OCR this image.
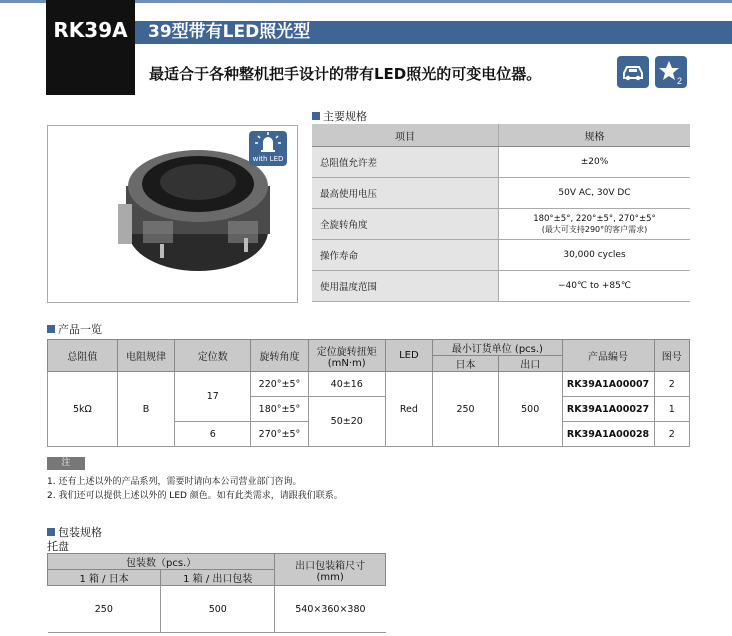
RK39A	39型带有LED照光型
最适合于各种整机把手设计的带有LED照光的可变电位器。	2
with LED
主要规格
项目	规格
总阻值允许差	±20%
最高使用电压	50V AC, 30V DC
全旋转角度	180°±5°, 220°±5°, 270°±5°
(最大可支持290°的客户需求)

操作寿命	30,000 cycles
使用温度范围	−40℃ to +85℃
产品一览
总阻值	电阻规律	定位数	旋转角度	定位旋转扭矩
(mN·m)	LED	最小订货单位 (pcs.)		产品编号	图号
						日本	出口		
5kΩ	B	17	220°±5°	40±16	Red	250	500	RK39A1A00007	2
			180°±5°	50±20				RK39A1A00027	1
		6	270°±5°					RK39A1A00028	2
注
1. 还有上述以外的产品系列，需要时请向本公司营业部门咨询。
2. 我们还可以提供上述以外的 LED 颜色。如有此类需求，请跟我们联系。
包装规格
托盘
包装数（pcs.）		出口包装箱尺寸
(mm)

1 箱 / 日本	1 箱 / 出口包装	
250	500	540×360×380
